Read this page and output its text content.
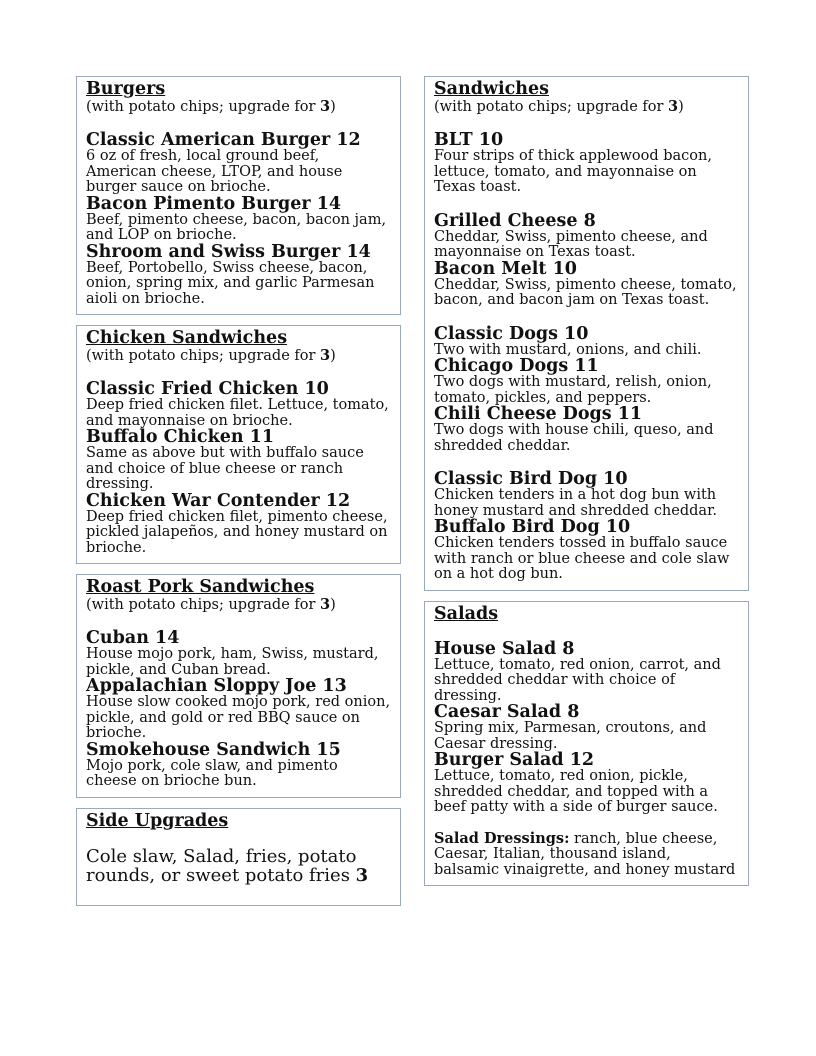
Burgers
(with potato chips; upgrade for 3)
Classic American Burger 12
6 oz of fresh, local ground beef, American cheese, LTOP, and house burger sauce on brioche.
Bacon Pimento Burger 14
Beef, pimento cheese, bacon, bacon jam, and LOP on brioche.
Shroom and Swiss Burger 14
Beef, Portobello, Swiss cheese, bacon, onion, spring mix, and garlic Parmesan aioli on brioche.
Chicken Sandwiches
(with potato chips; upgrade for 3)
Classic Fried Chicken 10
Deep fried chicken filet. Lettuce, tomato, and mayonnaise on brioche.
Buffalo Chicken 11
Same as above but with buffalo sauce and choice of blue cheese or ranch dressing.
Chicken War Contender 12
Deep fried chicken filet, pimento cheese, pickled jalapeños, and honey mustard on brioche.
Roast Pork Sandwiches
(with potato chips; upgrade for 3)
Cuban 14
House mojo pork, ham, Swiss, mustard, pickle, and Cuban bread.
Appalachian Sloppy Joe 13
House slow cooked mojo pork, red onion, pickle, and gold or red BBQ sauce on brioche.
Smokehouse Sandwich 15
Mojo pork, cole slaw, and pimento cheese on brioche bun.
Side Upgrades
Cole slaw, Salad, fries, potato rounds, or sweet potato fries 3
Sandwiches
(with potato chips; upgrade for 3)
BLT 10
Four strips of thick applewood bacon, lettuce, tomato, and mayonnaise on Texas toast.
Grilled Cheese 8
Cheddar, Swiss, pimento cheese, and mayonnaise on Texas toast.
Bacon Melt 10
Cheddar, Swiss, pimento cheese, tomato, bacon, and bacon jam on Texas toast.
Classic Dogs 10
Two with mustard, onions, and chili.
Chicago Dogs 11
Two dogs with mustard, relish, onion, tomato, pickles, and peppers.
Chili Cheese Dogs 11
Two dogs with house chili, queso, and shredded cheddar.
Classic Bird Dog 10
Chicken tenders in a hot dog bun with honey mustard and shredded cheddar.
Buffalo Bird Dog 10
Chicken tenders tossed in buffalo sauce with ranch or blue cheese and cole slaw on a hot dog bun.
Salads
House Salad 8
Lettuce, tomato, red onion, carrot, and shredded cheddar with choice of dressing.
Caesar Salad 8
Spring mix, Parmesan, croutons, and Caesar dressing.
Burger Salad 12
Lettuce, tomato, red onion, pickle, shredded cheddar, and topped with a beef patty with a side of burger sauce.
Salad Dressings: ranch, blue cheese, Caesar, Italian, thousand island, balsamic vinaigrette, and honey mustard
